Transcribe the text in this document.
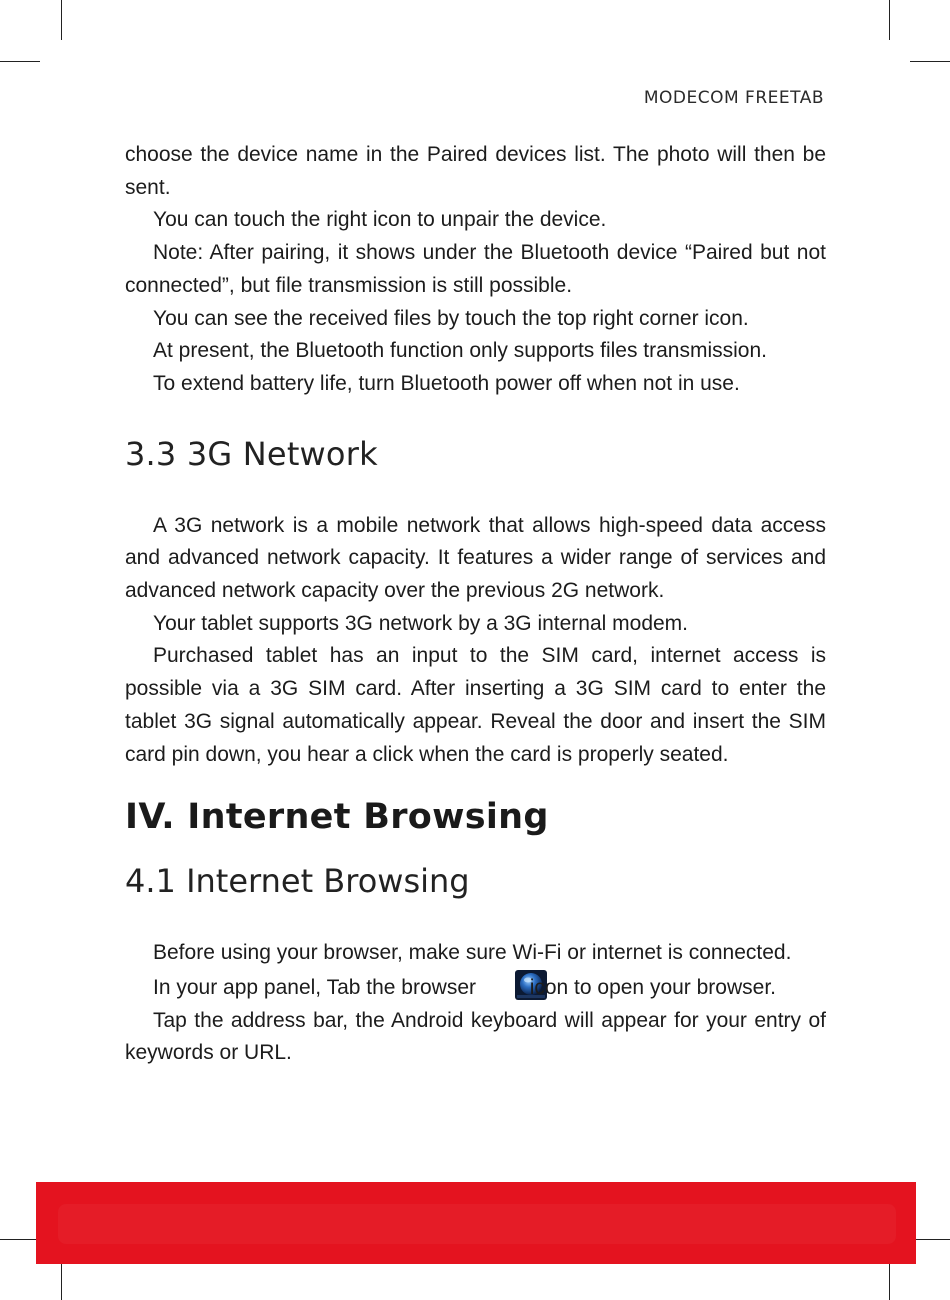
MODECOM FREETAB

choose the device name in the Paired devices list. The photo will then be sent.

You can touch the right icon to unpair the device.

Note: After pairing, it shows under the Bluetooth device “Paired but not connected”, but file transmission is still possible.

You can see the received files by touch the top right corner icon.

At present, the Bluetooth function only supports files transmission.

To extend battery life, turn Bluetooth power off when not in use.

3.3 3G Network

A 3G network is a mobile network that allows high-speed data access and advanced network capacity. It features a wider range of services and advanced network capacity over the previous 2G network.

Your tablet supports 3G network by a 3G internal modem.

Purchased tablet has an input to the SIM card, internet access is possible via a 3G SIM card. After inserting a 3G SIM card to enter the tablet 3G signal automatically appear. Reveal the door and insert the SIM card pin down, you hear a click when the card is properly seated.

IV. Internet Browsing
4.1 Internet Browsing

Before using your browser, make sure Wi-Fi or internet is connected.

In your app panel, Tab the browser	icon to open your browser.

Tap the address bar, the Android keyboard will appear for your entry of keywords or URL.
